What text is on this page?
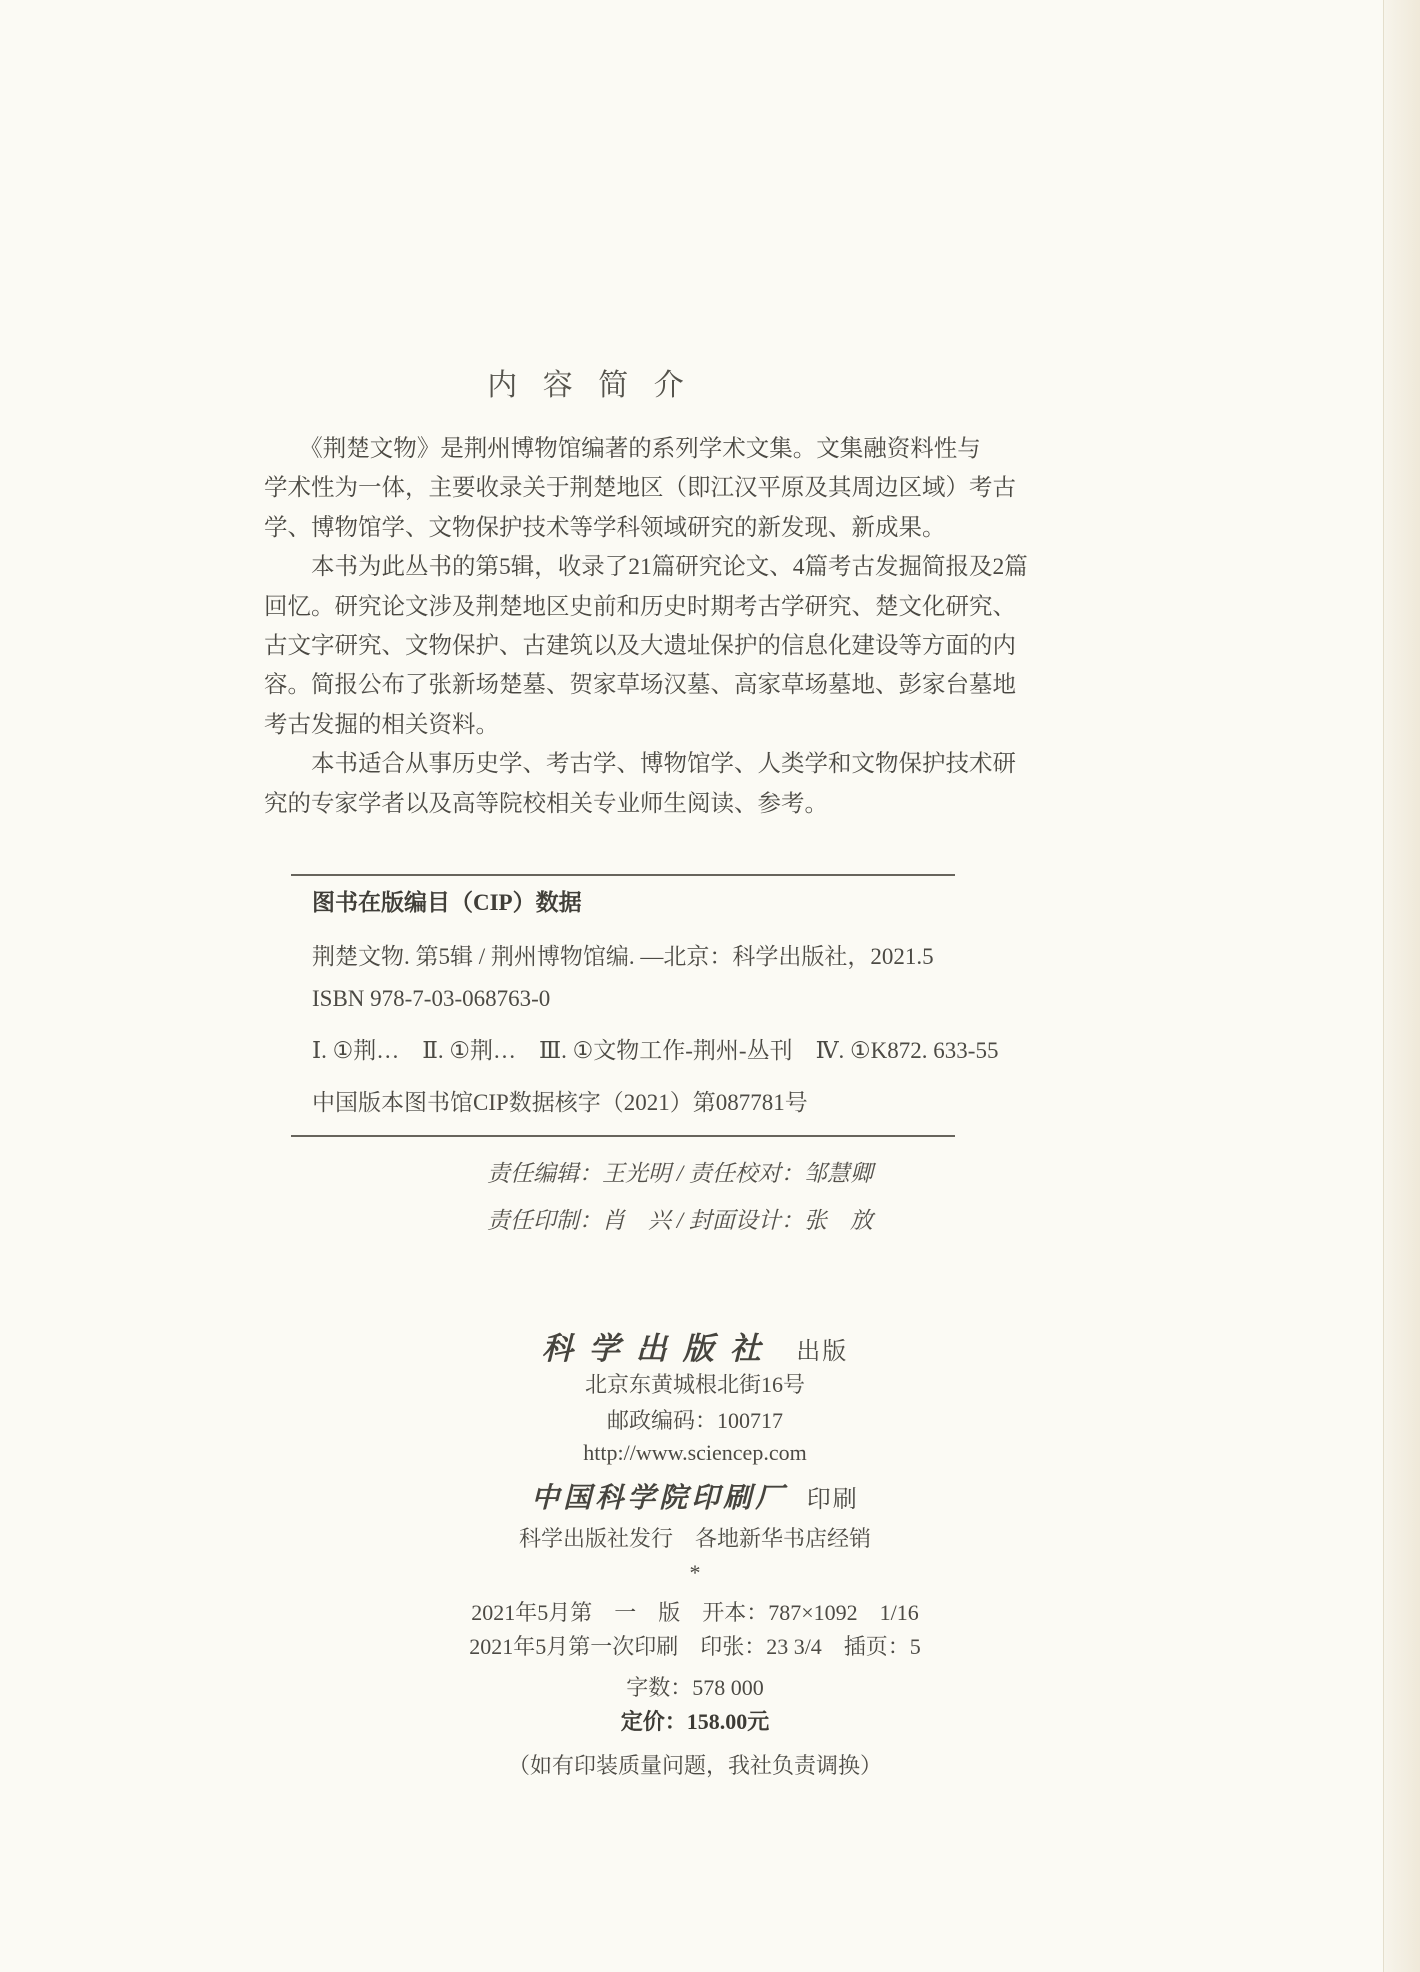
内 容 简 介
　　《荆楚文物》是荆州博物馆编著的系列学术文集。文集融资料性与
学术性为一体，主要收录关于荆楚地区（即江汉平原及其周边区域）考古
学、博物馆学、文物保护技术等学科领域研究的新发现、新成果。
　　本书为此丛书的第5辑，收录了21篇研究论文、4篇考古发掘简报及2篇
回忆。研究论文涉及荆楚地区史前和历史时期考古学研究、楚文化研究、
古文字研究、文物保护、古建筑以及大遗址保护的信息化建设等方面的内
容。简报公布了张新场楚墓、贺家草场汉墓、高家草场墓地、彭家台墓地
考古发掘的相关资料。
　　本书适合从事历史学、考古学、博物馆学、人类学和文物保护技术研
究的专家学者以及高等院校相关专业师生阅读、参考。
图书在版编目（CIP）数据
荆楚文物. 第5辑 / 荆州博物馆编. —北京：科学出版社，2021.5
ISBN 978-7-03-068763-0
Ⅰ. ①荆…　Ⅱ. ①荆…　Ⅲ. ①文物工作-荆州-丛刊　Ⅳ. ①K872. 633-55
中国版本图书馆CIP数据核字（2021）第087781号
责任编辑：王光明 / 责任校对：邹慧卿
责任印制：肖　兴 / 封面设计：张　放
科学出版社 出版
北京东黄城根北街16号
邮政编码：100717
http://www.sciencep.com
中国科学院印刷厂 印刷
科学出版社发行　各地新华书店经销
*
2021年5月第　一　版　开本：787×1092　1/16
2021年5月第一次印刷　印张：23 3/4　插页：5
字数：578 000
定价：158.00元
（如有印装质量问题，我社负责调换）
